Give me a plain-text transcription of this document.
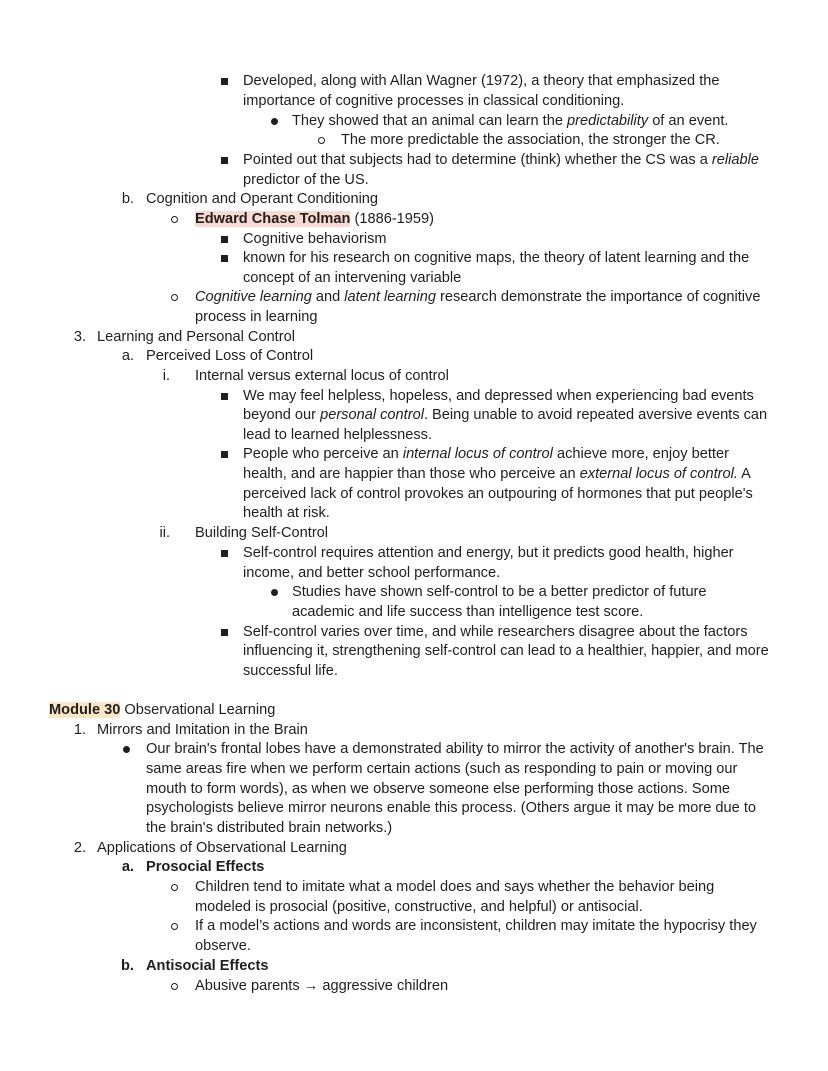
Developed, along with Allan Wagner (1972), a theory that emphasized the
importance of cognitive processes in classical conditioning.
They showed that an animal can learn the predictability of an event.
The more predictable the association, the stronger the CR.
Pointed out that subjects had to determine (think) whether the CS was a reliable
predictor of the US.
b. Cognition and Operant Conditioning
Edward Chase Tolman (1886-1959)
Cognitive behaviorism
known for his research on cognitive maps, the theory of latent learning and the
concept of an intervening variable
Cognitive learning and latent learning research demonstrate the importance of cognitive
process in learning
3. Learning and Personal Control
a. Perceived Loss of Control
i. Internal versus external locus of control
We may feel helpless, hopeless, and depressed when experiencing bad events
beyond our personal control. Being unable to avoid repeated aversive events can
lead to learned helplessness.
People who perceive an internal locus of control achieve more, enjoy better
health, and are happier than those who perceive an external locus of control. A
perceived lack of control provokes an outpouring of hormones that put people's
health at risk.
ii. Building Self-Control
Self-control requires attention and energy, but it predicts good health, higher
income, and better school performance.
Studies have shown self-control to be a better predictor of future
academic and life success than intelligence test score.
Self-control varies over time, and while researchers disagree about the factors
influencing it, strengthening self-control can lead to a healthier, happier, and more
successful life.
Module 30 Observational Learning
1. Mirrors and Imitation in the Brain
Our brain's frontal lobes have a demonstrated ability to mirror the activity of another's brain. The
same areas fire when we perform certain actions (such as responding to pain or moving our
mouth to form words), as when we observe someone else performing those actions. Some
psychologists believe mirror neurons enable this process. (Others argue it may be more due to
the brain's distributed brain networks.)
2. Applications of Observational Learning
a. Prosocial Effects
Children tend to imitate what a model does and says whether the behavior being
modeled is prosocial (positive, constructive, and helpful) or antisocial.
If a model’s actions and words are inconsistent, children may imitate the hypocrisy they
observe.
b. Antisocial Effects
Abusive parents → aggressive children
